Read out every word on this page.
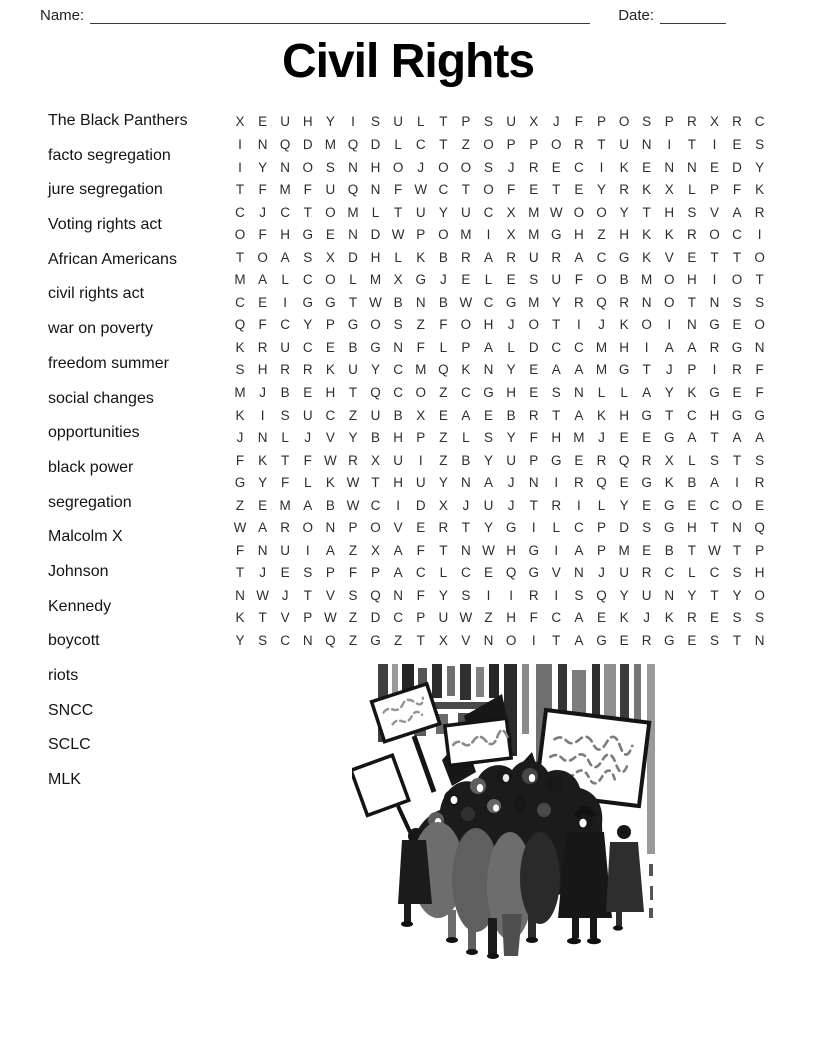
Name:	Date:
Civil Rights
The Black Panthers
facto segregation
jure segregation
Voting rights act
African Americans
civil rights act
war on poverty
freedom summer
social changes
opportunities
black power
segregation
Malcolm X
Johnson
Kennedy
boycott
riots
SNCC
SCLC
MLK
X	E U H Y	I	S U	L	T	P	S U X	J	F	P O S	P R X R C
I	N Q D M Q D	L	C	T	Z O P	P O R	T	U N	I	T	I	E	S
I	Y N O S N H O	J	O O S	J	R E C	I	K	E N N E D Y
T	F M F	U Q N	F W C	T O F	E	T	E	Y R K	X	L	P	F	K
C	J	C	T O M L	T	U Y U C X M W O O Y	T	H S	V	A R
O F	H G E N D W P O M	I	X M G H	Z	H K	K R O C	I
T O A	S	X D H	L	K	B R A R U R A C G K	V	E	T	T O
M A	L	C O	L M X G	J	E	L	E	S U	F O B M O H	I	O T
C E	I	G G T W B N B W C G M Y R Q R N O T	N S	S
Q F	C Y	P G O S	Z	F O H	J	O T	I	J	K O	I	N G E O
K R U C E	B G N	F	L	P	A	L	D C C M H	I	A	A R G N
S H R R K U Y C M Q K N Y	E	A	A M G T	J	P	I	R	F
M	J	B	E H	T Q C O Z	C G H E	S N	L	L	A	Y	K G E	F
K	I	S U C	Z	U B	X	E	A	E	B R	T	A	K H G T	C H G G
J	N	L	J	V	Y	B H P	Z	L	S	Y	F	H M	J	E	E G A	T	A	A
F	K	T	F W R X U	I	Z	B	Y U P G E R Q R X	L	S	T	S
G Y	F	L	K W T	H U Y N A	J	N	I	R Q E G K	B	A	I	R
Z	E M A	B W C	I	D X	J	U	J	T	R	I	L	Y	E G E C O E
W A R O N P O V	E R	T	Y G	I	L	C P D S G H	T	N Q
F	N U	I	A	Z	X	A	F	T	N W H G	I	A	P M E	B	T W T	P
T	J	E	S	P	F	P	A C	L	C E Q G V N	J	U R C	L	C S H
N W J	T	V	S Q N	F	Y	S	I	I	R	I	S Q Y U N Y	T	Y O
K	T	V	P W Z	D C P U W Z	H	F	C A	E	K	J	K R E	S	S
Y	S C N Q Z G Z	T	X	V N O	I	T	A G E R G E	S	T	N
